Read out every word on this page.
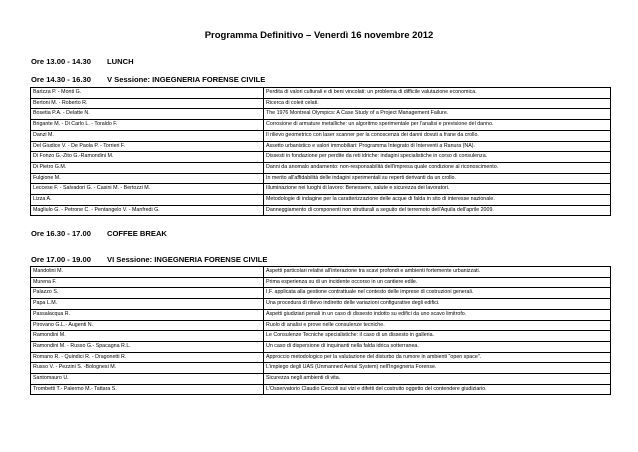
Programma Definitivo – Venerdì 16 novembre 2012
Ore 13.00 - 14.30 LUNCH
Ore 14.30 - 16.30 V Sessione: INGEGNERIA FORENSE CIVILE
Barizza P. - Monti G.	Perdita di valori culturali e di beni vincolati: un problema di difficile valutazione economica.
Bertoni M. - Roberto R.	Ricerca di coleit celati.
Bosetia P.A. - Delatte N.	The 1976 Montreal Olympics: A Case Study of a Project Management Failure.
Brigante M. - Di Carlo L. - Toraldo F.	Corrosione di armature metalliche: un algoritmo sperimentale per l'analisi e previsione del danno.
Danzi M.	Il rilievo geometrico con laser scanner per la conoscenza dei danni dovuti a frane da crollo.
Del Giudice V. - De Paola P. - Torrieri F.	Assetto urbanistico e valori immobiliari: Programma Integrato di Interventi a Ranura (NA).
Di Fonzo G.-Zito G.-Ramondini M.	Dissesti in fondazione per perdite da reti idriche: indagini specialistiche in corso di consulenza.
Di Pietro G.M.	Danni da anomalo andamento: non-responsabilità dell'impresa quale condizione al riconoscimento.
Fulgione M.	In merito all'affidabilità delle indagini sperimentali su reperti derivanti da un crollo.
Leccese F. - Salvadori G. - Casini M. - Bertozzi M.	Illuminazione nei luoghi di lavoro: Benessere, salute e sicurezza dei lavoratori.
Lizza A.	Metodologie di indagine per la caratterizzazione delle acque di falda in sito di interesse nazionale.
Magliulo G. - Petrone C. - Pentangelo V. - Manfredi G.	Danneggiamento di componenti non strutturali a seguito del terremoto dell'Aquila dell'aprile 2009.
Ore 16.30 - 17.00 COFFEE BREAK
Ore 17.00 - 19.00 VI Sessione: INGEGNERIA FORENSE CIVILE
Mandolini M.	Aspetti particolari relativi all'interazione tra scavi profondi e ambienti fortemente urbanizzati.
Murena F.	Prima esperienza su di un incidente occorso in un cantiere edile.
Palazzo S.	I.F. applicata alla gestione contrattuale nel contesto delle imprese di costruzioni generali.
Papa L.M.	Una procedura di rilievo indiretto delle variazioni configurative degli edifici.
Passalacqua R.	Aspetti giudiziari penali in un caso di dissesto indotto su edifici da uno scavo limitrofo.
Pirovano G.L.- Augenti N.	Ruolo di analisi e prove nelle consulenze tecniche.
Ramondini M.	Le Consulenze Tecniche specialistiche: il caso di un dissesto in galleria.
Ramondini M. - Russo G.- Spacagna R.L.	Un caso di dispersione di inquinanti nella falda idrica sotterranea.
Romano R. - Quindici R. - Dragonetti R.	Approccio metodologico per la valutazione del disturbo da rumore in ambienti "open space".
Russo V. - Pezzini S. -Bolognesi M.	L'impiego degli UAS (Unmanned Aerial System) nell'Ingegneria Forense.
Santomauro U.	Sicurezza negli ambienti di vita.
Trombetti T.- Palermo M.- Tattara S.	L'Osservatorio Claudio Ceccoli sui vizi e difetti del costruito oggetto del contendere giudiziario.
